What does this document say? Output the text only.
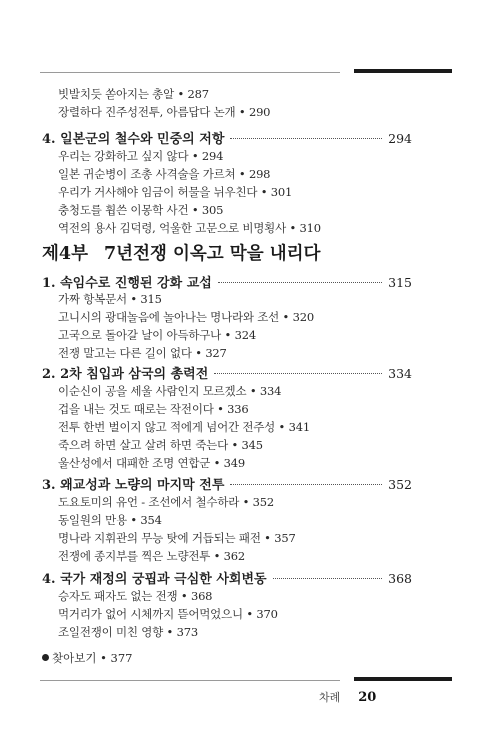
빗발치듯 쏟아지는 총알 • 287
장렬하다 진주성전투, 아름답다 논개 • 290
4. 일본군의 철수와 민중의 저항	294
우리는 강화하고 싶지 않다 • 294
일본 귀순병이 조총 사격술을 가르쳐 • 298
우리가 거사해야 임금이 허물을 뉘우친다 • 301
충청도를 휩쓴 이몽학 사건 • 305
역전의 용사 김덕령, 억울한 고문으로 비명횡사 • 310
제4부 7년전쟁 이옥고 막을 내리다
1. 속임수로 진행된 강화 교섭	315
가짜 항복문서 • 315
고니시의 광대놀음에 놀아나는 명나라와 조선 • 320
고국으로 돌아갈 날이 아득하구나 • 324
전쟁 말고는 다른 길이 없다 • 327
2. 2차 침입과 삼국의 총력전	334
이순신이 공을 세울 사람인지 모르겠소 • 334
겁을 내는 것도 때로는 작전이다 • 336
전투 한번 벌이지 않고 적에게 넘어간 전주성 • 341
죽으려 하면 살고 살려 하면 죽는다 • 345
울산성에서 대패한 조명 연합군 • 349
3. 왜교성과 노량의 마지막 전투	352
도요토미의 유언 - 조선에서 철수하라 • 352
동일원의 만용 • 354
명나라 지휘관의 무능 탓에 거듭되는 패전 • 357
전쟁에 종지부를 찍은 노량전투 • 362
4. 국가 재정의 궁핍과 극심한 사회변동	368
승자도 패자도 없는 전쟁 • 368
먹거리가 없어 시체까지 뜯어먹었으니 • 370
조일전쟁이 미친 영향 • 373
찾아보기 • 377
차례 20
